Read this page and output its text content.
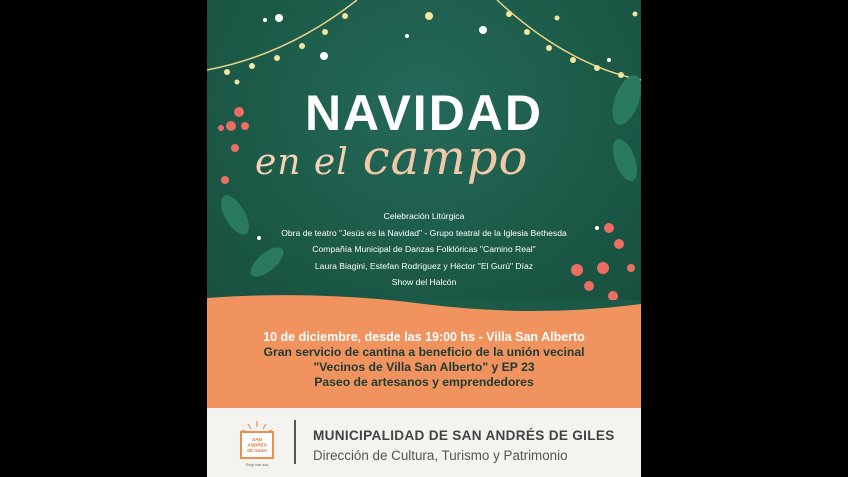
NAVIDAD
en el campo
Celebración Litúrgica
Obra de teatro "Jesús es la Navidad" - Grupo teatral de la Iglesia Bethesda
Compañía Municipal de Danzas Folklóricas "Camino Real"
Laura Biagini, Estefan Rodríguez y Héctor "El Gurú" Díaz
Show del Halcón
10 de diciembre, desde las 19:00 hs - Villa San Alberto
Gran servicio de cantina a beneficio de la unión vecinal
"Vecinos de Villa San Alberto" y EP 23
Paseo de artesanos y emprendedores
SAN
ANDRÉS
DE GILES
Elegí vivir acá
MUNICIPALIDAD DE SAN ANDRÉS DE GILES
Dirección de Cultura, Turismo y Patrimonio
